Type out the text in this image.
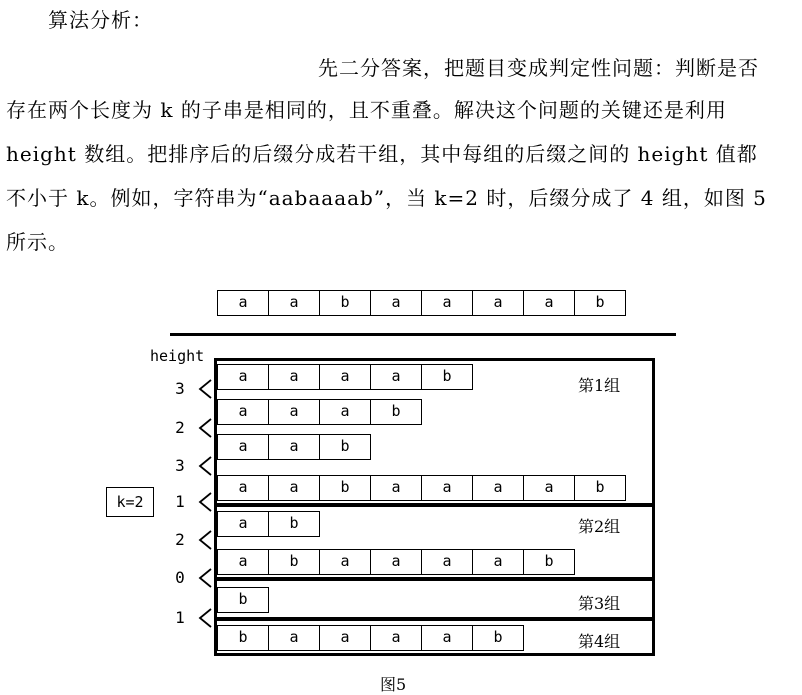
算法分析：
先二分答案，把题目变成判定性问题：判断是否
存在两个长度为 k 的子串是相同的，且不重叠。解决这个问题的关键还是利用
height 数组。把排序后的后缀分成若干组，其中每组的后缀之间的 height 值都
不小于 k。例如，字符串为“aabaaaab”，当 k=2 时，后缀分成了 4 组，如图 5
所示。
a	a	b	a	a	a	a	b
height
k=2
第1组
第2组
第3组
第4组
a	a	a	a	b
a	a	a	b
a	a	b
a	a	b	a	a	a	a	b
a	b
a	b	a	a	a	a	b
b
b	a	a	a	a	b
3
2
3
1
2
0
1
图5
